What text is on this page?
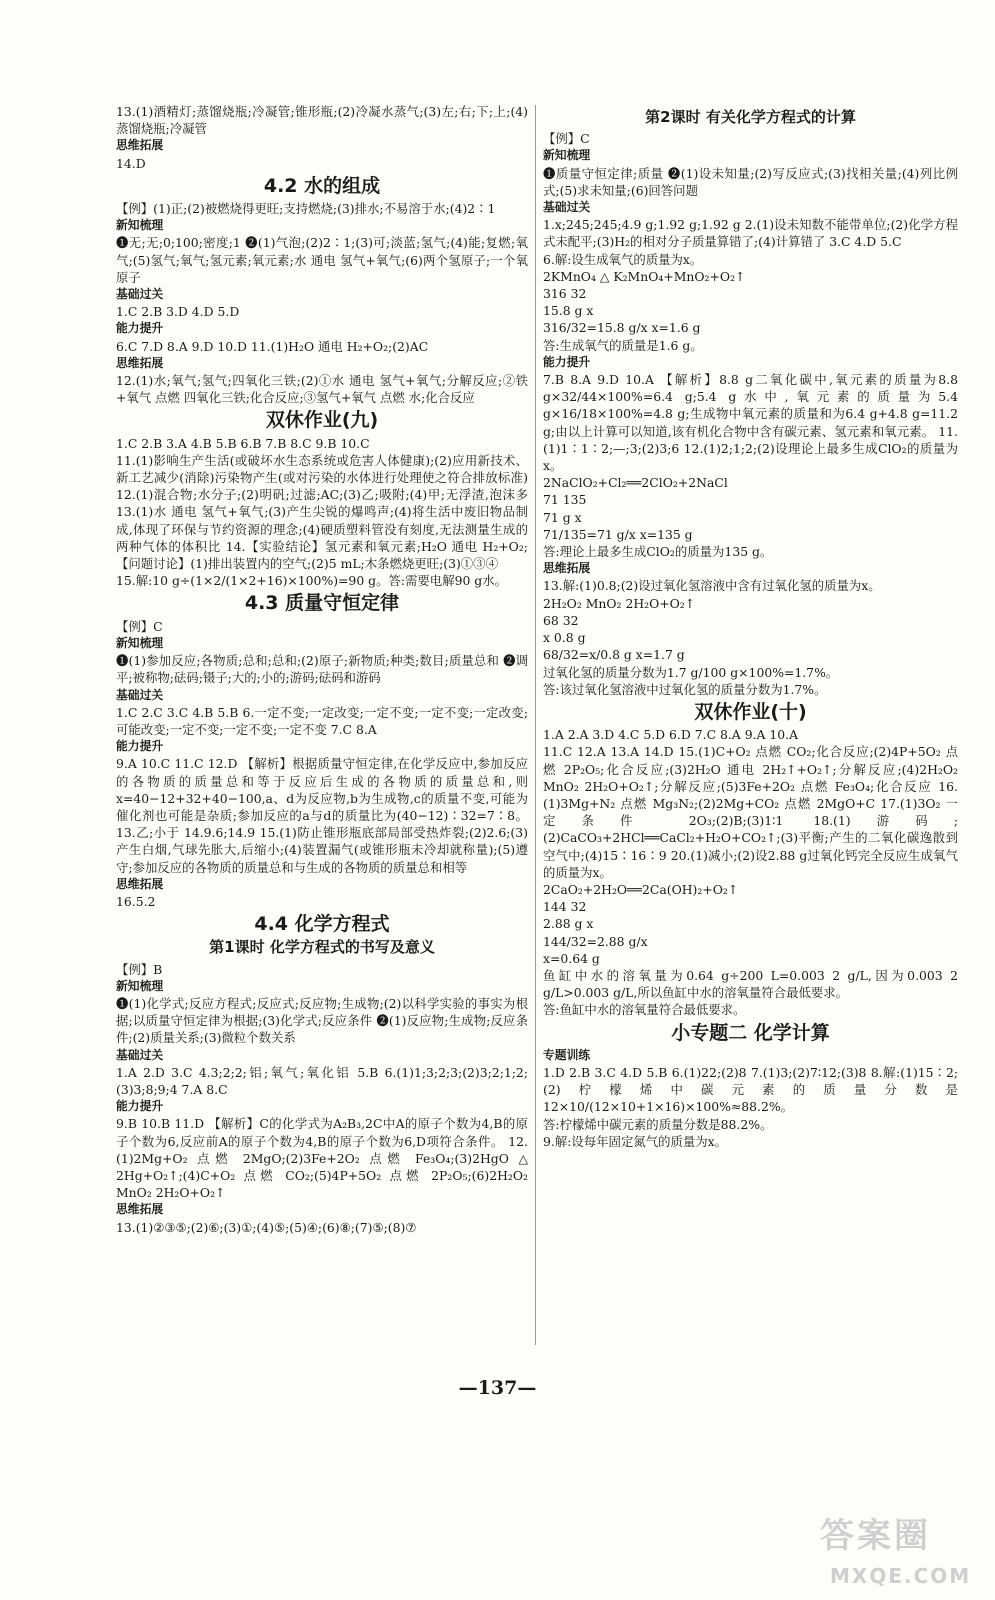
13.(1)酒精灯;蒸馏烧瓶;冷凝管;锥形瓶;(2)冷凝水蒸气;(3)左;右;下;上;(4)蒸馏烧瓶;冷凝管

思维拓展

14.D

4.2 水的组成

【例】(1)正;(2)被燃烧得更旺;支持燃烧;(3)排水;不易溶于水;(4)2∶1

新知梳理

❶无;无;0;100;密度;1 ❷(1)气泡;(2)2∶1;(3)可;淡蓝;氢气;(4)能;复燃;氧气;(5)氢气;氧气;氢元素;氧元素;水 通电 氢气+氧气;(6)两个氢原子;一个氧原子

基础过关

1.C 2.B 3.D 4.D 5.D

能力提升

6.C 7.D 8.A 9.D 10.D 11.(1)H₂O 通电 H₂+O₂;(2)AC

思维拓展

12.(1)水;氧气;氢气;四氧化三铁;(2)①水 通电 氢气+氧气;分解反应;②铁+氧气 点燃 四氧化三铁;化合反应;③氢气+氧气 点燃 水;化合反应

双休作业(九)

1.C 2.B 3.A 4.B 5.B 6.B 7.B 8.C 9.B 10.C

11.(1)影响生产生活(或破坏水生态系统或危害人体健康);(2)应用新技术、新工艺减少(消除)污染物产生(或对污染的水体进行处理使之符合排放标准) 12.(1)混合物;水分子;(2)明矾;过滤;AC;(3)乙;吸附;(4)甲;无浮渣,泡沫多 13.(1)水 通电 氢气+氧气;(3)产生尖锐的爆鸣声;(4)将生活中废旧物品制成,体现了环保与节约资源的理念;(4)硬质塑料管没有刻度,无法测量生成的两种气体的体积比 14.【实验结论】氢元素和氧元素;H₂O 通电 H₂+O₂;【问题讨论】(1)排出装置内的空气;(2)5 mL;木条燃烧更旺;(3)①③④

15.解:10 g÷(1×2/(1×2+16)×100%)=90 g。答:需要电解90 g水。

4.3 质量守恒定律

【例】C

新知梳理

❶(1)参加反应;各物质;总和;总和;(2)原子;新物质;种类;数目;质量总和 ❷调平;被称物;砝码;镊子;大的;小的;游码;砝码和游码

基础过关

1.C 2.C 3.C 4.B 5.B 6.一定不变;一定改变;一定不变;一定不变;一定改变;可能改变;一定不变;一定不变;一定不变 7.C 8.A

能力提升

9.A 10.C 11.C 12.D 【解析】根据质量守恒定律,在化学反应中,参加反应的各物质的质量总和等于反应后生成的各物质的质量总和,则x=40−12+32+40−100,a、d为反应物,b为生成物,c的质量不变,可能为催化剂也可能是杂质;参加反应的a与d的质量比为(40−12)∶32=7∶8。 13.乙;小于 14.9.6;14.9 15.(1)防止锥形瓶底部局部受热炸裂;(2)2.6;(3)产生白烟,气球先胀大,后缩小;(4)装置漏气(或锥形瓶未冷却就称量);(5)遵守;参加反应的各物质的质量总和与生成的各物质的质量总和相等

思维拓展

16.5.2

4.4 化学方程式
第1课时 化学方程式的书写及意义

【例】B

新知梳理

❶(1)化学式;反应方程式;反应式;反应物;生成物;(2)以科学实验的事实为根据;以质量守恒定律为根据;(3)化学式;反应条件 ❷(1)反应物;生成物;反应条件;(2)质量关系;(3)微粒个数关系

基础过关

1.A 2.D 3.C 4.3;2;2;铝;氧气;氧化铝 5.B 6.(1)1;3;2;3;(2)3;2;1;2;(3)3;8;9;4 7.A 8.C

能力提升

9.B 10.B 11.D 【解析】C的化学式为A₂B₃,2C中A的原子个数为4,B的原子个数为6,反应前A的原子个数为4,B的原子个数为6,D项符合条件。 12.(1)2Mg+O₂ 点燃 2MgO;(2)3Fe+2O₂ 点燃 Fe₃O₄;(3)2HgO △ 2Hg+O₂↑;(4)C+O₂ 点燃 CO₂;(5)4P+5O₂ 点燃 2P₂O₅;(6)2H₂O₂ MnO₂ 2H₂O+O₂↑

思维拓展

13.(1)②③⑤;(2)⑥;(3)①;(4)⑤;(5)④;(6)⑧;(7)⑤;(8)⑦

第2课时 有关化学方程式的计算

【例】C

新知梳理

❶质量守恒定律;质量 ❷(1)设未知量;(2)写反应式;(3)找相关量;(4)列比例式;(5)求未知量;(6)回答问题

基础过关

1.x;245;245;4.9 g;1.92 g;1.92 g 2.(1)设未知数不能带单位;(2)化学方程式未配平;(3)H₂的相对分子质量算错了;(4)计算错了 3.C 4.D 5.C

6.解:设生成氧气的质量为x。

2KMnO₄ △ K₂MnO₄+MnO₂+O₂↑

316 32

15.8 g x

316/32=15.8 g/x x=1.6 g

答:生成氧气的质量是1.6 g。

能力提升

7.B 8.A 9.D 10.A 【解析】8.8 g二氧化碳中,氧元素的质量为8.8 g×32/44×100%=6.4 g;5.4 g水中,氧元素的质量为5.4 g×16/18×100%=4.8 g;生成物中氧元素的质量和为6.4 g+4.8 g=11.2 g;由以上计算可以知道,该有机化合物中含有碳元素、氢元素和氧元素。 11.(1)1∶1∶2;—;3;(2)3;6 12.(1)2;1;2;(2)设理论上最多生成ClO₂的质量为x。

2NaClO₂+Cl₂══2ClO₂+2NaCl

71 135

71 g x

71/135=71 g/x x=135 g

答:理论上最多生成ClO₂的质量为135 g。

思维拓展

13.解:(1)0.8;(2)设过氧化氢溶液中含有过氧化氢的质量为x。

2H₂O₂ MnO₂ 2H₂O+O₂↑

68 32

x 0.8 g

68/32=x/0.8 g x=1.7 g

过氧化氢的质量分数为1.7 g/100 g×100%=1.7%。

答:该过氧化氢溶液中过氧化氢的质量分数为1.7%。

双休作业(十)

1.A 2.A 3.D 4.C 5.D 6.D 7.C 8.A 9.A 10.A

11.C 12.A 13.A 14.D 15.(1)C+O₂ 点燃 CO₂;化合反应;(2)4P+5O₂ 点燃 2P₂O₅;化合反应;(3)2H₂O 通电 2H₂↑+O₂↑;分解反应;(4)2H₂O₂ MnO₂ 2H₂O+O₂↑;分解反应;(5)3Fe+2O₂ 点燃 Fe₃O₄;化合反应 16.(1)3Mg+N₂ 点燃 Mg₃N₂;(2)2Mg+CO₂ 点燃 2MgO+C 17.(1)3O₂ 一定条件 2O₃;(2)B;(3)1∶1 18.(1)游码;(2)CaCO₃+2HCl══CaCl₂+H₂O+CO₂↑;(3)平衡;产生的二氧化碳逸散到空气中;(4)15∶16∶9 20.(1)减小;(2)设2.88 g过氧化钙完全反应生成氧气的质量为x。

2CaO₂+2H₂O══2Ca(OH)₂+O₂↑

144 32

2.88 g x

144/32=2.88 g/x

x=0.64 g

鱼缸中水的溶氧量为0.64 g÷200 L=0.003 2 g/L,因为0.003 2 g/L>0.003 g/L,所以鱼缸中水的溶氧量符合最低要求。

答:鱼缸中水的溶氧量符合最低要求。

小专题二 化学计算
专题训练

1.D 2.B 3.C 4.D 5.B 6.(1)22;(2)8 7.(1)3;(2)7∶12;(3)8 8.解:(1)15∶2;(2)柠檬烯中碳元素的质量分数是12×10/(12×10+1×16)×100%≈88.2%。

答:柠檬烯中碳元素的质量分数是88.2%。

9.解:设每年固定氮气的质量为x。

—137—
答案圈
MXQE.COM
